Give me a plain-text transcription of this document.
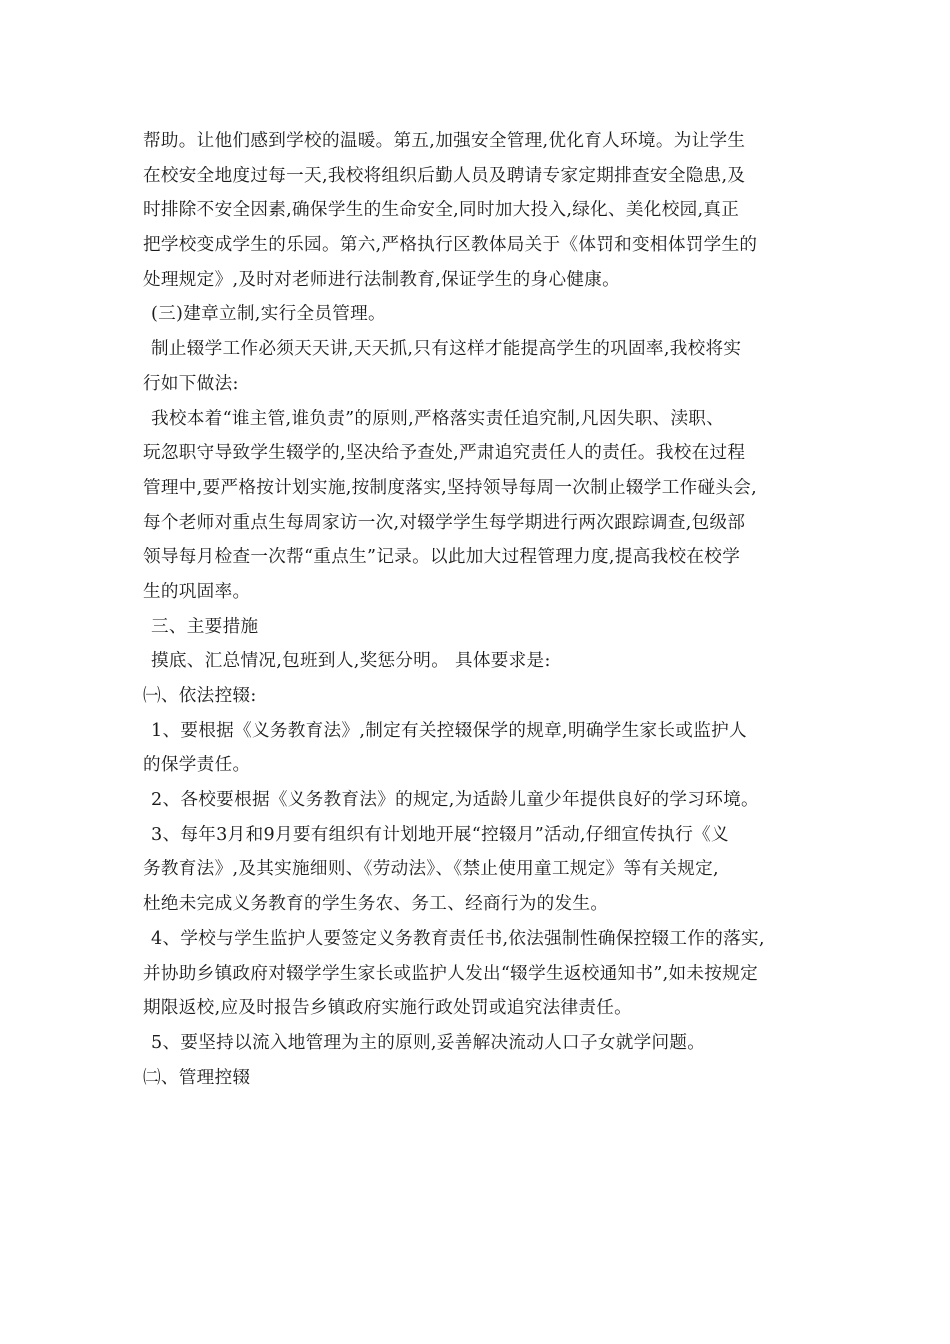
帮助。让他们感到学校的温暖。第五,加强安全管理,优化育人环境。为让学生
在校安全地度过每一天,我校将组织后勤人员及聘请专家定期排查安全隐患,及
时排除不安全因素,确保学生的生命安全,同时加大投入,绿化、美化校园,真正
把学校变成学生的乐园。第六,严格执行区教体局关于《体罚和变相体罚学生的
处理规定》,及时对老师进行法制教育,保证学生的身心健康。
(三)建章立制,实行全员管理。
制止辍学工作必须天天讲,天天抓,只有这样才能提高学生的巩固率,我校将实
行如下做法:
我校本着“谁主管,谁负责”的原则,严格落实责任追究制,凡因失职、渎职、
玩忽职守导致学生辍学的,坚决给予查处,严肃追究责任人的责任。我校在过程
管理中,要严格按计划实施,按制度落实,坚持领导每周一次制止辍学工作碰头会,
每个老师对重点生每周家访一次,对辍学学生每学期进行两次跟踪调查,包级部
领导每月检查一次帮“重点生”记录。以此加大过程管理力度,提高我校在校学
生的巩固率。
三、主要措施
摸底、汇总情况,包班到人,奖惩分明。 具体要求是:
㈠、依法控辍:
1、要根据《义务教育法》,制定有关控辍保学的规章,明确学生家长或监护人
的保学责任。
2、各校要根据《义务教育法》的规定,为适龄儿童少年提供良好的学习环境。
3、每年3月和9月要有组织有计划地开展“控辍月”活动,仔细宣传执行《义
务教育法》,及其实施细则、《劳动法》、《禁止使用童工规定》等有关规定,
杜绝未完成义务教育的学生务农、务工、经商行为的发生。
4、学校与学生监护人要签定义务教育责任书,依法强制性确保控辍工作的落实,
并协助乡镇政府对辍学学生家长或监护人发出“辍学生返校通知书”,如未按规定
期限返校,应及时报告乡镇政府实施行政处罚或追究法律责任。
5、要坚持以流入地管理为主的原则,妥善解决流动人口子女就学问题。
㈡、管理控辍
